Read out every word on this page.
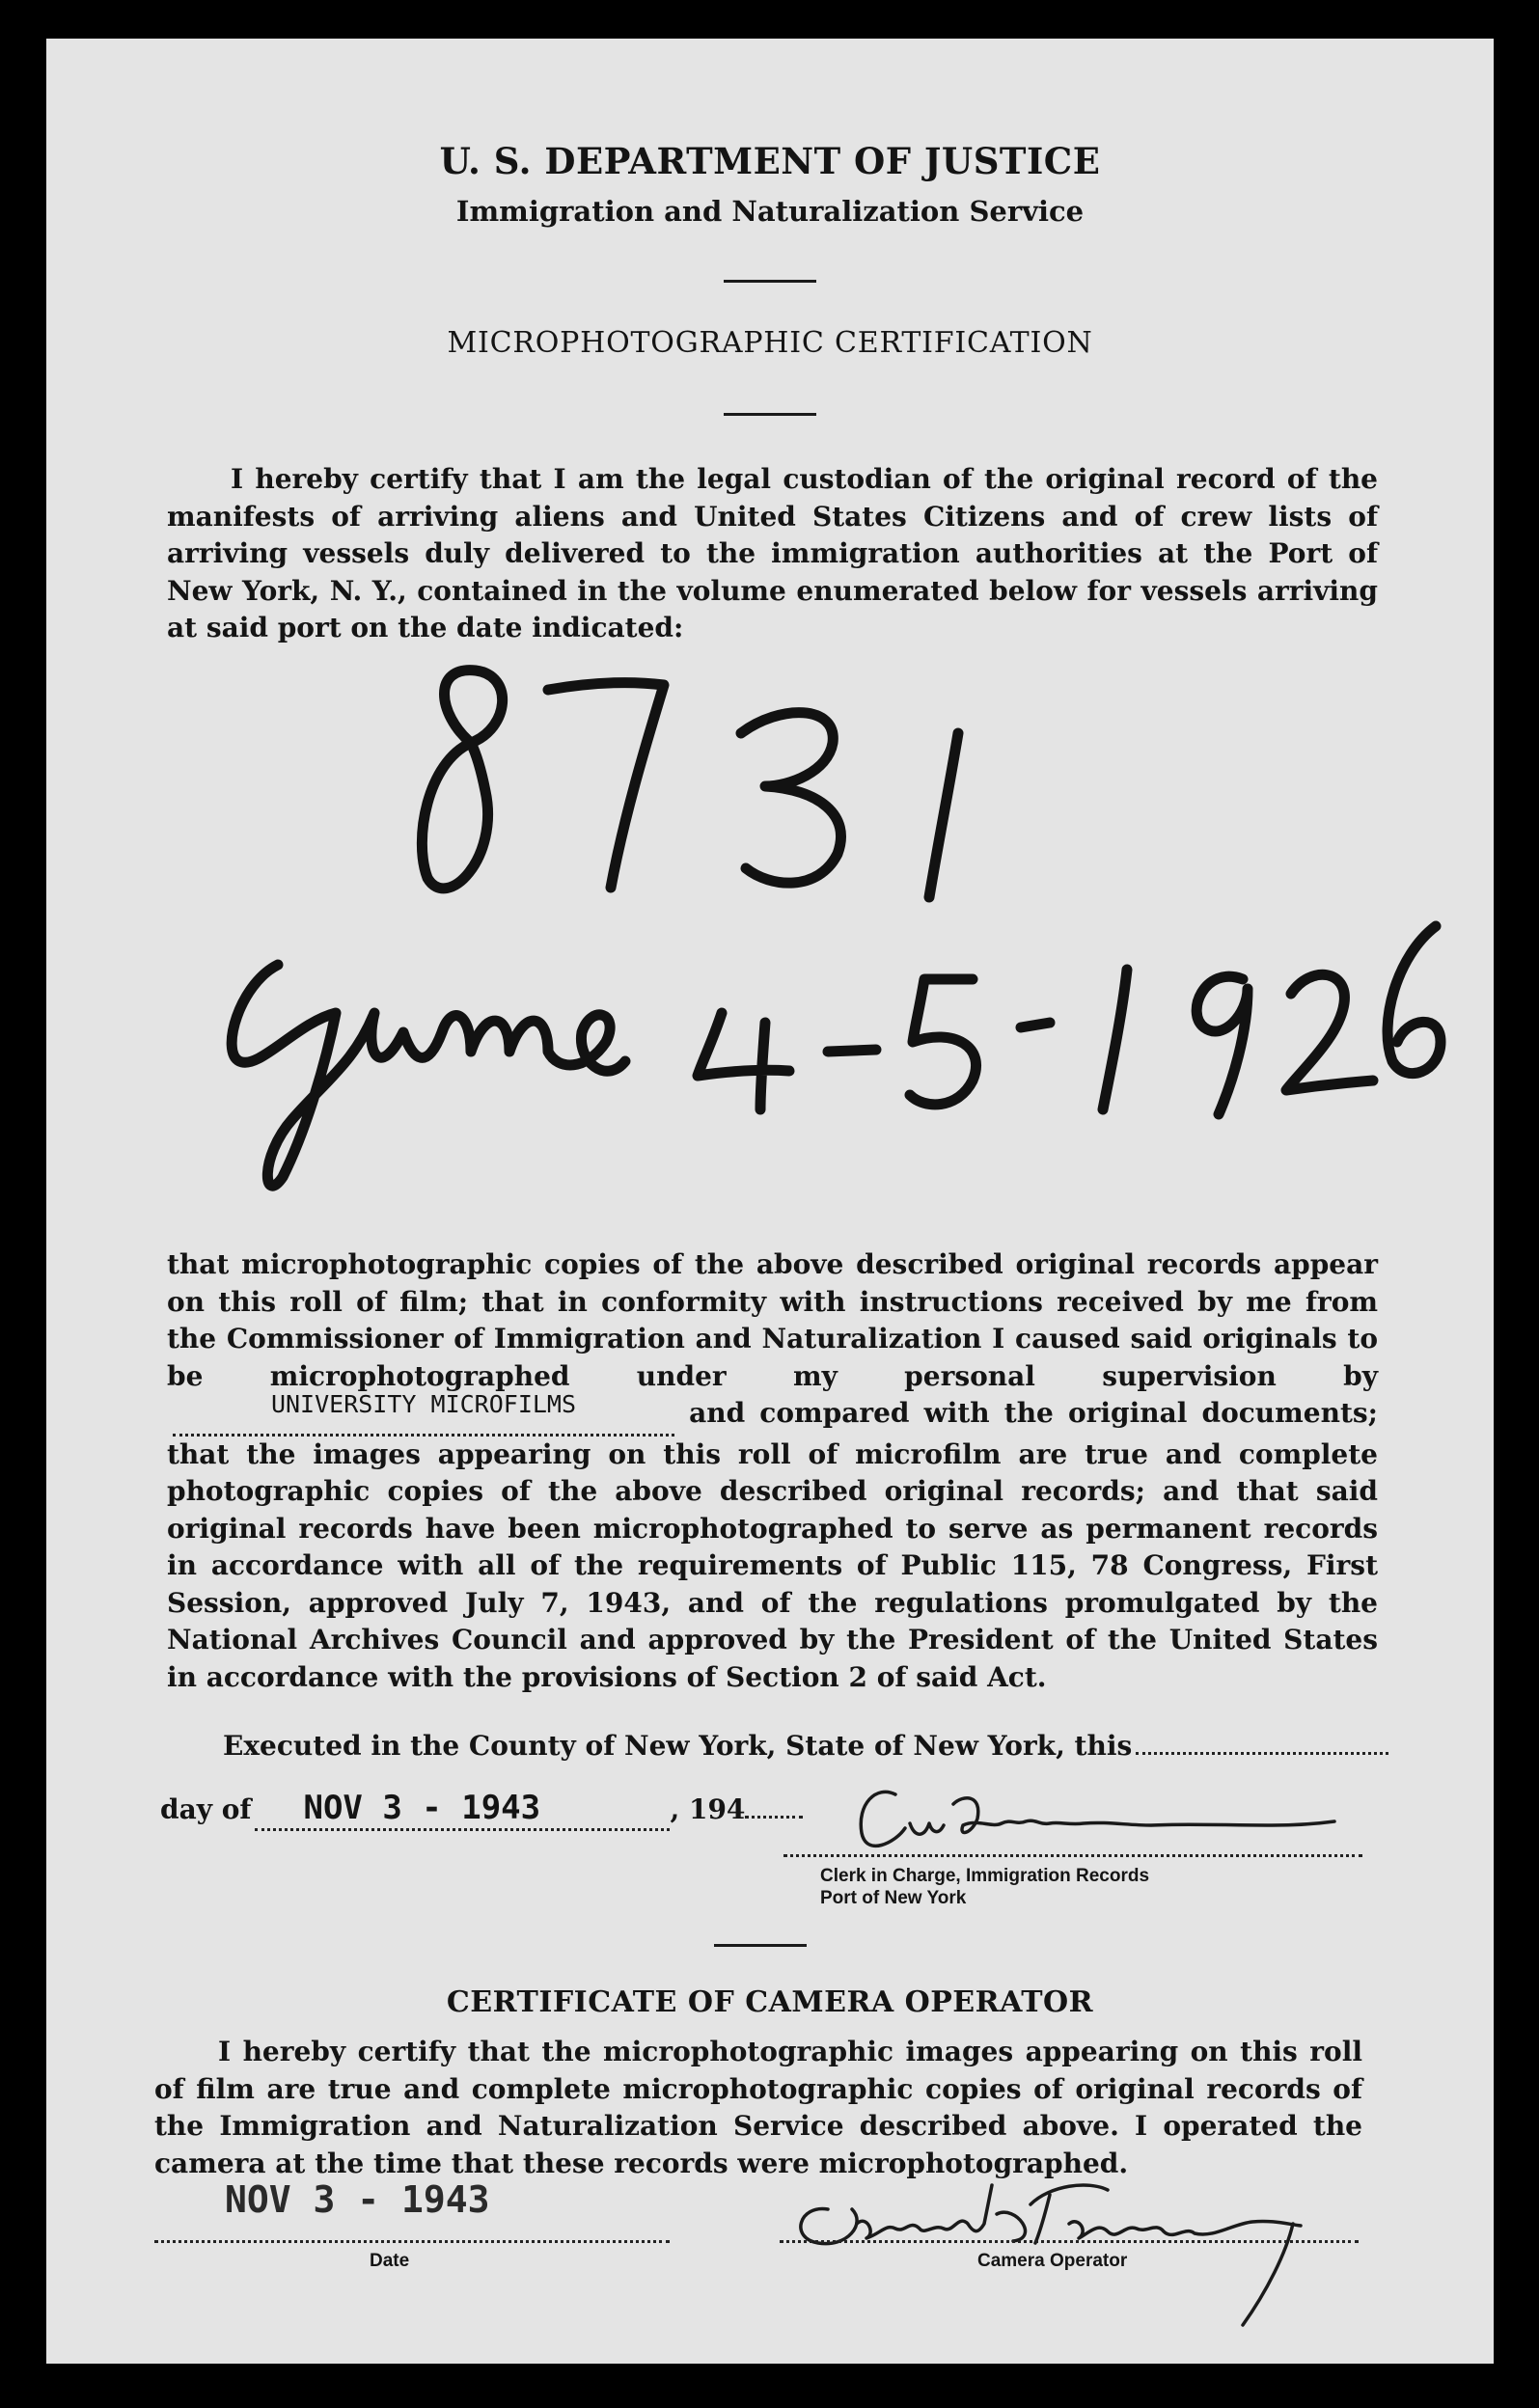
U. S. DEPARTMENT OF JUSTICE
Immigration and Naturalization Service
MICROPHOTOGRAPHIC CERTIFICATION
I hereby certify that I am the legal custodian of the original record of the manifests of arriving aliens and United States Citizens and of crew lists of arriving vessels duly delivered to the immigration authorities at the Port of New York, N. Y., contained in the volume enumerated below for vessels arriving at said port on the date indicated:
that microphotographic copies of the above described original records appear on this roll of film; that in conformity with instructions received by me from the Commissioner of Immigration and Naturalization I caused said originals to be microphotographed under my personal supervision byUNIVERSITY MICROFILMS	and compared with the original documents; that the images appearing on this roll of microfilm are true and complete photographic copies of the above described original records; and that said original records have been microphotographed to serve as permanent records in accordance with all of the requirements of Public 115, 78 Congress, First Session, approved July 7, 1943, and of the regulations promulgated by the National Archives Council and approved by the President of the United States in accordance with the provisions of Section 2 of said Act.
Executed in the County of New York, State of New York, this
day of NOV 3 - 1943	, 194
Clerk in Charge, Immigration Records
Port of New York
CERTIFICATE OF CAMERA OPERATOR
I hereby certify that the microphotographic images appearing on this roll of film are true and complete microphotographic copies of original records of the Immigration and Naturalization Service described above. I operated the camera at the time that these records were microphotographed.
NOV 3 - 1943
Date	Camera Operator
